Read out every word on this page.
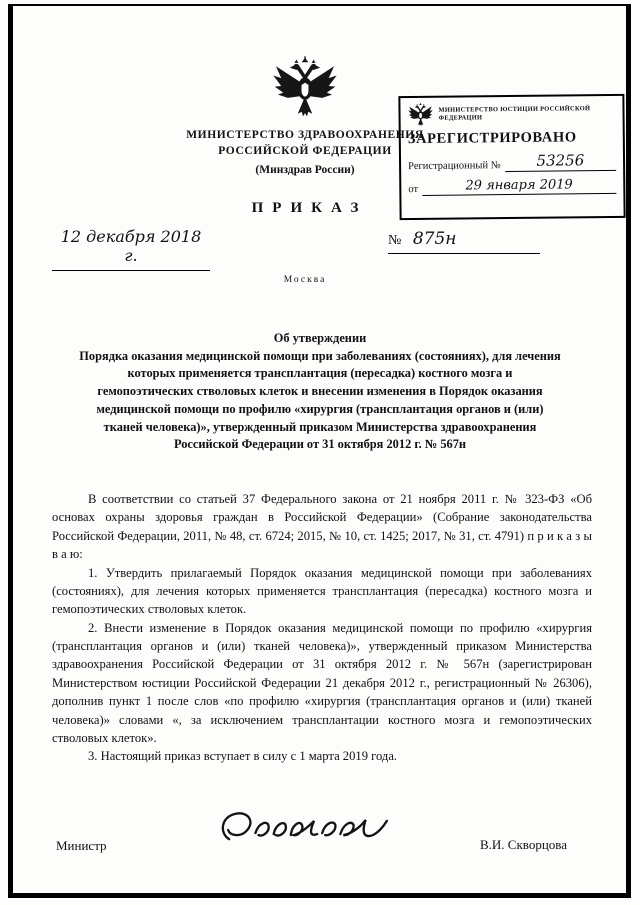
МИНИСТЕРСТВО ЗДРАВООХРАНЕНИЯ
РОССИЙСКОЙ ФЕДЕРАЦИИ
(Минздрав России)
ПРИКАЗ
МИНИСТЕРСТВО ЮСТИЦИИ РОССИЙСКОЙ ФЕДЕРАЦИИ
ЗАРЕГИСТРИРОВАНО
Регистрационный №	53256
от	29 января 2019
12 декабря 2018 г.
№ 875н
Москва
Об утверждении
Порядка оказания медицинской помощи при заболеваниях (состояниях), для лечения которых применяется трансплантация (пересадка) костного мозга и гемопоэтических стволовых клеток и внесении изменения в Порядок оказания медицинской помощи по профилю «хирургия (трансплантация органов и (или) тканей человека)», утвержденный приказом Министерства здравоохранения Российской Федерации от 31 октября 2012 г. № 567н

В соответствии со статьей 37 Федерального закона от 21 ноября 2011 г. № 323-ФЗ «Об основах охраны здоровья граждан в Российской Федерации» (Собрание законодательства Российской Федерации, 2011, № 48, ст. 6724; 2015, № 10, ст. 1425; 2017, № 31, ст. 4791) п р и к а з ы в а ю:

1. Утвердить прилагаемый Порядок оказания медицинской помощи при заболеваниях (состояниях), для лечения которых применяется трансплантация (пересадка) костного мозга и гемопоэтических стволовых клеток.

2. Внести изменение в Порядок оказания медицинской помощи по профилю «хирургия (трансплантация органов и (или) тканей человека)», утвержденный приказом Министерства здравоохранения Российской Федерации от 31 октября 2012 г. № 567н (зарегистрирован Министерством юстиции Российской Федерации 21 декабря 2012 г., регистрационный № 26306), дополнив пункт 1 после слов «по профилю «хирургия (трансплантация органов и (или) тканей человека)» словами «, за исключением трансплантации костного мозга и гемопоэтических стволовых клеток».

3. Настоящий приказ вступает в силу с 1 марта 2019 года.

Министр	В.И. Скворцова
